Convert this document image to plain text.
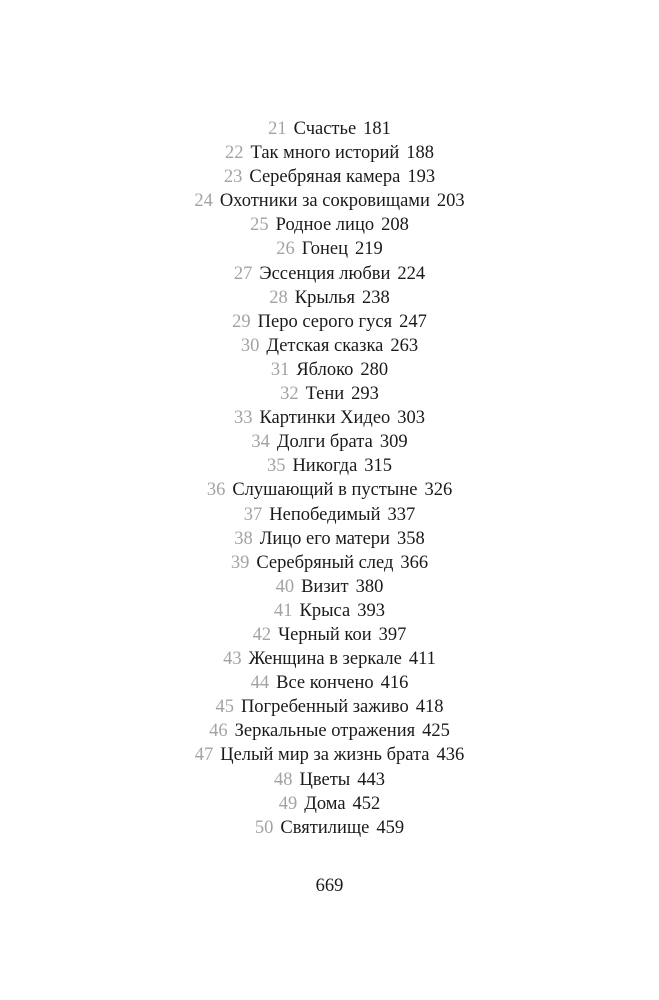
21 Счастье 181
22 Так много историй 188
23 Серебряная камера 193
24 Охотники за сокровищами 203
25 Родное лицо 208
26 Гонец 219
27 Эссенция любви 224
28 Крылья 238
29 Перо серого гуся 247
30 Детская сказка 263
31 Яблоко 280
32 Тени 293
33 Картинки Хидео 303
34 Долги брата 309
35 Никогда 315
36 Слушающий в пустыне 326
37 Непобедимый 337
38 Лицо его матери 358
39 Серебряный след 366
40 Визит 380
41 Крыса 393
42 Черный кои 397
43 Женщина в зеркале 411
44 Все кончено 416
45 Погребенный заживо 418
46 Зеркальные отражения 425
47 Целый мир за жизнь брата 436
48 Цветы 443
49 Дома 452
50 Святилище 459
669
